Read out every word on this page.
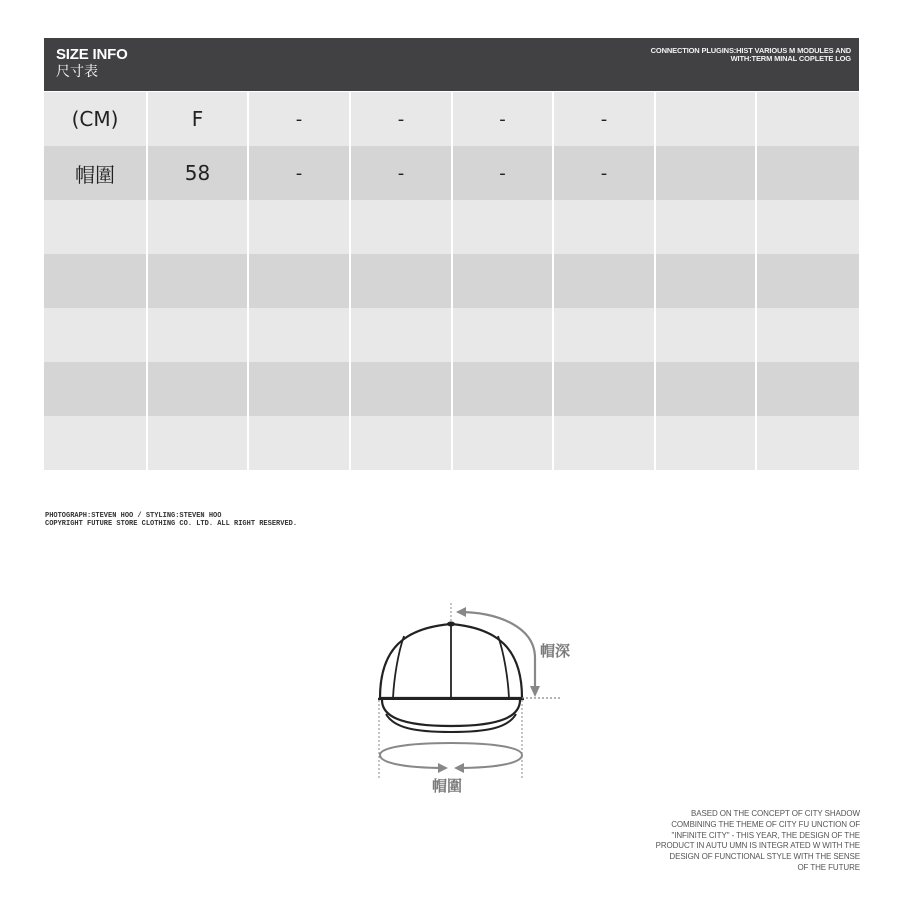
SIZE INFO
尺寸表
CONNECTION PLUGINS:HIST VARIOUS M MODULES AND
WITH:TERM MINAL COPLETE LOG
(CM)	F	-	-	-	-
帽圍	58	-	-	-	-
PHOTOGRAPH:STEVEN HOO / STYLING:STEVEN HOO
COPYRIGHT FUTURE STORE CLOTHING CO. LTD. ALL RIGHT RESERVED.
帽深
帽圍
BASED ON THE CONCEPT OF CITY SHADOW
COMBINING THE THEME OF CITY FU UNCTION OF
"INFINITE CITY" - THIS YEAR, THE DESIGN OF THE
PRODUCT IN AUTU UMN IS INTEGR ATED W WITH THE
DESIGN OF FUNCTIONAL STYLE WITH THE SENSE
OF THE FUTURE
